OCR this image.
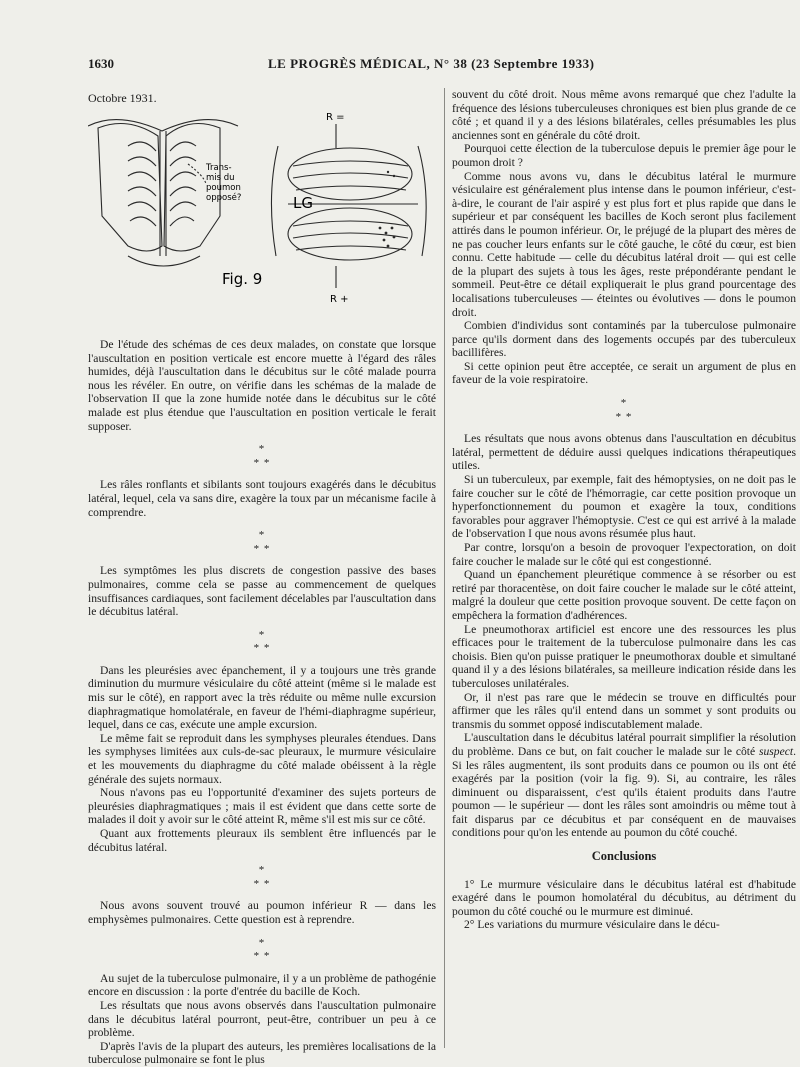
1630	LE PROGRÈS MÉDICAL, N° 38 (23 Septembre 1933)
Octobre 1931.
Trans-
mis du
poumon
opposé?	LG
R =
R +
Fig. 9

De l'étude des schémas de ces deux malades, on constate que lorsque l'auscultation en position verticale est encore muette à l'égard des râles humides, déjà l'auscultation dans le décubitus sur le côté malade pourra nous les révéler. En outre, on vérifie dans les schémas de la malade de l'observation II que la zone humide notée dans le décubitus sur le côté malade est plus étendue que l'auscultation en position verticale le ferait supposer.

*
* *

Les râles ronflants et sibilants sont toujours exagérés dans le décubitus latéral, lequel, cela va sans dire, exagère la toux par un mécanisme facile à comprendre.

*
* *

Les symptômes les plus discrets de congestion passive des bases pulmonaires, comme cela se passe au commencement de quelques insuffisances cardiaques, sont facilement décelables par l'auscultation dans le décubitus latéral.

*
* *

Dans les pleurésies avec épanchement, il y a toujours une très grande diminution du murmure vésiculaire du côté atteint (même si le malade est mis sur le côté), en rapport avec la très réduite ou même nulle excursion diaphragmatique homolatérale, en faveur de l'hémi-diaphragme supérieur, lequel, dans ce cas, exécute une ample excursion.

Le même fait se reproduit dans les symphyses pleurales étendues. Dans les symphyses limitées aux culs-de-sac pleuraux, le murmure vésiculaire et les mouvements du diaphragme du côté malade obéissent à la règle générale des sujets normaux.

Nous n'avons pas eu l'opportunité d'examiner des sujets porteurs de pleurésies diaphragmatiques ; mais il est évident que dans cette sorte de malades il doit y avoir sur le côté atteint R, même s'il est mis sur ce côté.

Quant aux frottements pleuraux ils semblent être influencés par le décubitus latéral.

*
* *

Nous avons souvent trouvé au poumon inférieur R — dans les emphysèmes pulmonaires. Cette question est à reprendre.

*
* *

Au sujet de la tuberculose pulmonaire, il y a un problème de pathogénie encore en discussion : la porte d'entrée du bacille de Koch.

Les résultats que nous avons observés dans l'auscultation pulmonaire dans le décubitus latéral pourront, peut-être, contribuer un peu à ce problème.

D'après l'avis de la plupart des auteurs, les premières localisations de la tuberculose pulmonaire se font le plus

souvent du côté droit. Nous même avons remarqué que chez l'adulte la fréquence des lésions tuberculeuses chroniques est bien plus grande de ce côté ; et quand il y a des lésions bilatérales, celles présumables les plus anciennes sont en générale du côté droit.

Pourquoi cette élection de la tuberculose depuis le premier âge pour le poumon droit ?

Comme nous avons vu, dans le décubitus latéral le murmure vésiculaire est généralement plus intense dans le poumon inférieur, c'est-à-dire, le courant de l'air aspiré y est plus fort et plus rapide que dans le supérieur et par conséquent les bacilles de Koch seront plus facilement attirés dans le poumon inférieur. Or, le préjugé de la plupart des mères de ne pas coucher leurs enfants sur le côté gauche, le côté du cœur, est bien connu. Cette habitude — celle du décubitus latéral droit — qui est celle de la plupart des sujets à tous les âges, reste prépondérante pendant le sommeil. Peut-être ce détail expliquerait le plus grand pourcentage des localisations tuberculeuses — éteintes ou évolutives — dons le poumon droit.

Combien d'individus sont contaminés par la tuberculose pulmonaire parce qu'ils dorment dans des logements occupés par des tuberculeux bacillifères.

Si cette opinion peut être acceptée, ce serait un argument de plus en faveur de la voie respiratoire.

*
* *

Les résultats que nous avons obtenus dans l'auscultation en décubitus latéral, permettent de déduire aussi quelques indications thérapeutiques utiles.

Si un tuberculeux, par exemple, fait des hémoptysies, on ne doit pas le faire coucher sur le côté de l'hémorragie, car cette position provoque un hyperfonctionnement du poumon et exagère la toux, conditions favorables pour aggraver l'hémoptysie. C'est ce qui est arrivé à la malade de l'observation I que nous avons résumée plus haut.

Par contre, lorsqu'on a besoin de provoquer l'expectoration, on doit faire coucher le malade sur le côté qui est congestionné.

Quand un épanchement pleurétique commence à se résorber ou est retiré par thoracentèse, on doit faire coucher le malade sur le côté atteint, malgré la douleur que cette position provoque souvent. De cette façon on empêchera la formation d'adhérences.

Le pneumothorax artificiel est encore une des ressources les plus efficaces pour le traitement de la tuberculose pulmonaire dans les cas choisis. Bien qu'on puisse pratiquer le pneumothorax double et simultané quand il y a des lésions bilatérales, sa meilleure indication réside dans les tuberculoses unilatérales.

Or, il n'est pas rare que le médecin se trouve en difficultés pour affirmer que les râles qu'il entend dans un sommet y sont produits ou transmis du sommet opposé indiscutablement malade.

L'auscultation dans le décubitus latéral pourrait simplifier la résolution du problème. Dans ce but, on fait coucher le malade sur le côté suspect. Si les râles augmentent, ils sont produits dans ce poumon ou ils ont été exagérés par la position (voir la fig. 9). Si, au contraire, les râles diminuent ou disparaissent, c'est qu'ils étaient produits dans l'autre poumon — le supérieur — dont les râles sont amoindris ou même tout à fait disparus par ce décubitus et par conséquent en de mauvaises conditions pour qu'on les entende au poumon du côté couché.

Conclusions

1° Le murmure vésiculaire dans le décubitus latéral est d'habitude exagéré dans le poumon homolatéral du décubitus, au détriment du poumon du côté couché ou le murmure est diminué.

2° Les variations du murmure vésiculaire dans le décu-
